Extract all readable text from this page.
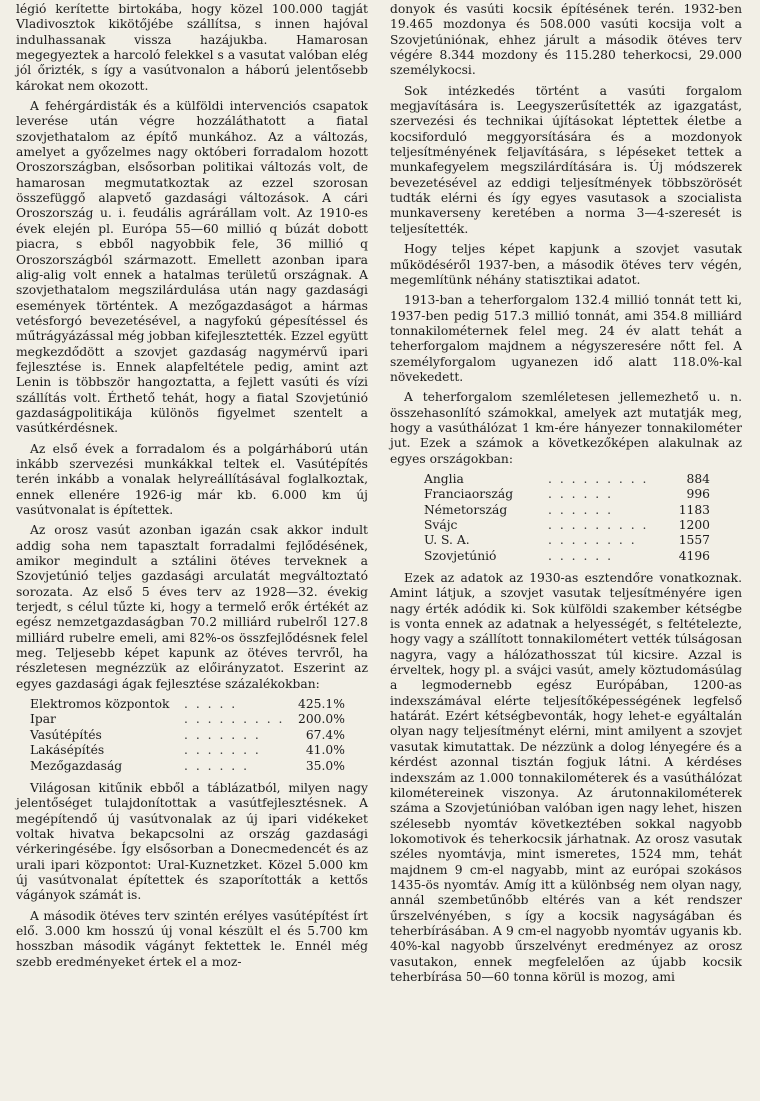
légió kerítette birtokába, hogy közel 100.000 tagját Vladivosztok kikötőjébe szállítsa, s innen hajóval indulhassanak vissza hazájukba. Hamarosan megegyeztek a harcoló felekkel s a vasutat valóban elég jól őrizték, s így a vasútvonalon a háború jelentősebb károkat nem okozott.

A fehérgárdisták és a külföldi intervenciós csapatok leverése után végre hozzáláthatott a fiatal szovjethatalom az építő munkához. Az a változás, amelyet a győzelmes nagy októberi forradalom hozott Oroszországban, elsősorban politikai változás volt, de hamarosan megmutatkoztak az ezzel szorosan összefüggő alapvető gazdasági változások. A cári Oroszország u. i. feudális agrárállam volt. Az 1910-es évek elején pl. Európa 55—60 millió q búzát dobott piacra, s ebből nagyobbik fele, 36 millió q Oroszországból származott. Emellett azonban ipara alig-alig volt ennek a hatalmas területű országnak. A szovjethatalom megszilárdulása után nagy gazdasági események történtek. A mezőgazdaságot a hármas vetésforgó bevezetésével, a nagyfokú gépesítéssel és műtrágyázással még jobban kifejlesztették. Ezzel együtt megkezdődött a szovjet gazdaság nagymérvű ipari fejlesztése is. Ennek alapfeltétele pedig, amint azt Lenin is többször hangoztatta, a fejlett vasúti és vízi szállítás volt. Érthető tehát, hogy a fiatal Szovjetúnió gazdaságpolitikája különös figyelmet szentelt a vasútkérdésnek.

Az első évek a forradalom és a polgárháború után inkább szervezési munkákkal teltek el. Vasútépítés terén inkább a vonalak helyreállításával foglalkoztak, ennek ellenére 1926-ig már kb. 6.000 km új vasútvonalat is építettek.

Az orosz vasút azonban igazán csak akkor indult addig soha nem tapasztalt forradalmi fejlődésének, amikor megindult a sztálini ötéves terveknek a Szovjetúnió teljes gazdasági arculatát megváltoztató sorozata. Az első 5 éves terv az 1928—32. évekig terjedt, s célul tűzte ki, hogy a termelő erők értékét az egész nemzetgazdaságban 70.2 milliárd rubelről 127.8 milliárd rubelre emeli, ami 82%-os összfejlődésnek felel meg. Teljesebb képet kapunk az ötéves tervről, ha részletesen megnézzük az előirányzatot. Eszerint az egyes gazdasági ágak fejlesztése százalékokban:

Elektromos központok	. . . . .	425.1%
Ipar	. . . . . . . . .	200.0%
Vasútépítés	. . . . . . .	67.4%
Lakásépítés	. . . . . . .	41.0%
Mezőgazdaság	. . . . . .	35.0%

Világosan kitűnik ebből a táblázatból, milyen nagy jelentőséget tulajdonítottak a vasútfejlesztésnek. A megépítendő új vasútvonalak az új ipari vidékeket voltak hivatva bekapcsolni az ország gazdasági vérkeringésébe. Így elsősorban a Donecmedencét és az urali ipari központot: Ural-Kuznetzket. Közel 5.000 km új vasútvonalat építettek és szaporították a kettős vágányok számát is.

A második ötéves terv szintén erélyes vasútépítést írt elő. 3.000 km hosszú új vonal készült el és 5.700 km hosszban második vágányt fektettek le. Ennél még szebb eredményeket értek el a moz-

donyok és vasúti kocsik építésének terén. 1932-ben 19.465 mozdonya és 508.000 vasúti kocsija volt a Szovjetúniónak, ehhez járult a második ötéves terv végére 8.344 mozdony és 115.280 teherkocsi, 29.000 személykocsi.

Sok intézkedés történt a vasúti forgalom megjavítására is. Leegyszerűsítették az igazgatást, szervezési és technikai újításokat léptettek életbe a kocsiforduló meggyorsítására és a mozdonyok teljesítményének feljavítására, s lépéseket tettek a munkafegyelem megszilárdítására is. Új módszerek bevezetésével az eddigi teljesítmények többszörösét tudták elérni és így egyes vasutasok a szocialista munkaverseny keretében a norma 3—4-szeresét is teljesítették.

Hogy teljes képet kapjunk a szovjet vasutak működéséről 1937-ben, a második ötéves terv végén, megemlítünk néhány statisztikai adatot.

1913-ban a teherforgalom 132.4 millió tonnát tett ki, 1937-ben pedig 517.3 millió tonnát, ami 354.8 milliárd tonnakilométernek felel meg. 24 év alatt tehát a teherforgalom majdnem a négyszeresére nőtt fel. A személyforgalom ugyanezen idő alatt 118.0%-kal növekedett.

A teherforgalom szemléletesen jellemezhető u. n. összehasonlító számokkal, amelyek azt mutatják meg, hogy a vasúthálózat 1 km-ére hányezer tonnakilométer jut. Ezek a számok a következőképen alakulnak az egyes országokban:

Anglia	. . . . . . . . .	884
Franciaország	. . . . . .	996
Németország	. . . . . .	1183
Svájc	. . . . . . . . .	1200
U. S. A.	. . . . . . . .	1557
Szovjetúnió	. . . . . .	4196

Ezek az adatok az 1930-as esztendőre vonatkoznak. Amint látjuk, a szovjet vasutak teljesítményére igen nagy érték adódik ki. Sok külföldi szakember kétségbe is vonta ennek az adatnak a helyességét, s feltételezte, hogy vagy a szállított tonnakilométert vették túlságosan nagyra, vagy a hálózathosszat túl kicsire. Azzal is érveltek, hogy pl. a svájci vasút, amely köztudomásúlag a legmodernebb egész Európában, 1200-as indexszámával elérte teljesítőképességének legfelső határát. Ezért kétségbevonták, hogy lehet-e egyáltalán olyan nagy teljesítményt elérni, mint amilyent a szovjet vasutak kimutattak. De nézzünk a dolog lényegére és a kérdést azonnal tisztán fogjuk látni. A kérdéses indexszám az 1.000 tonnakilométerek és a vasúthálózat kilométereinek viszonya. Az árutonnakilométerek száma a Szovjetúnióban valóban igen nagy lehet, hiszen szélesebb nyomtáv következtében sokkal nagyobb lokomotivok és teherkocsik járhatnak. Az orosz vasutak széles nyomtávja, mint ismeretes, 1524 mm, tehát majdnem 9 cm-el nagyabb, mint az európai szokásos 1435-ös nyomtáv. Amíg itt a különbség nem olyan nagy, annál szembetűnőbb eltérés van a két rendszer űrszelvényében, s így a kocsik nagyságában és teherbírásában. A 9 cm-el nagyobb nyomtáv ugyanis kb. 40%-kal nagyobb űrszelvényt eredményez az orosz vasutakon, ennek megfelelően az újabb kocsik teherbírása 50—60 tonna körül is mozog, ami
